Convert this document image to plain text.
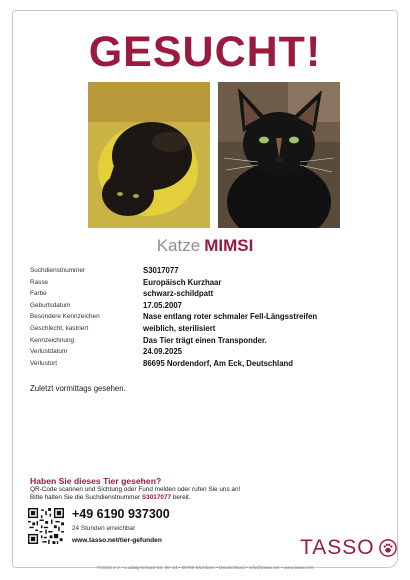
GESUCHT!
Katze MIMSI
Suchdienstnummer	S3017077
Rasse	Europäisch Kurzhaar
Farbe	schwarz-schildpatt
Geburtsdatum	17.05.2007
Besondere Kennzeichen	Nase entlang roter schmaler Fell-Längsstreifen
Geschlecht, kastriert	weiblich, sterilisiert
Kennzeichnung	Das Tier trägt einen Transponder.
Verlustdatum	24.09.2025
Verlustort	86695 Nordendorf, Am Eck, Deutschland
Zuletzt vormittags gesehen.
Haben Sie dieses Tier gesehen?
QR-Code scannen und Sichtung oder Fund melden oder rufen Sie uns an!
Bitte halten Sie die Suchdienstnummer S3017077 bereit.
+49 6190 937300
24 Stunden erreichbar
www.tasso.net/tier-gefunden	TASSO
TASSO e.V. • Ludwig-Erhard-Str. 30–34 • 65760 Eschborn • Deutschland • info@tasso.net • www.tasso.net
